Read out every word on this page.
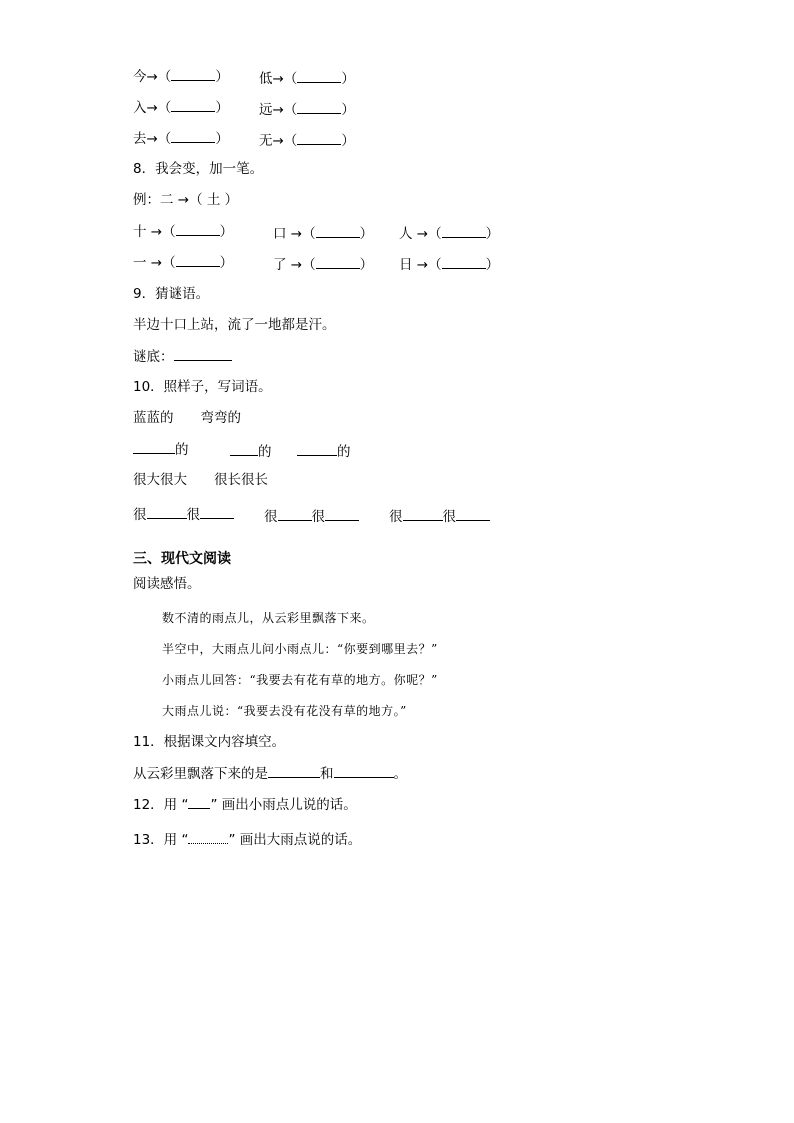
今→（	） 低→（	）
入→（	） 远→（	）
去→（	） 无→（	）
8．我会变，加一笔。
例：二 →（ 土 ）
十 →（	）	口 →（	） 人 →（	）
一 →（	）	了 →（	） 日 →（	）
9．猜谜语。
半边十口上站，流了一地都是汗。
谜底：
10．照样子，写词语。
蓝蓝的　　弯弯的
的	的	的
很大很大　　很长很长
很	很	很	很	很	很
三、现代文阅读
阅读感悟。
数不清的雨点儿，从云彩里飘落下来。
半空中，大雨点儿问小雨点儿：“你要到哪里去？”
小雨点儿回答：“我要去有花有草的地方。你呢？”
大雨点儿说：“我要去没有花没有草的地方。”
11．根据课文内容填空。
从云彩里飘落下来的是	和	。
12．用 “ ” 画出小雨点儿说的话。
13．用 “	” 画出大雨点说的话。
